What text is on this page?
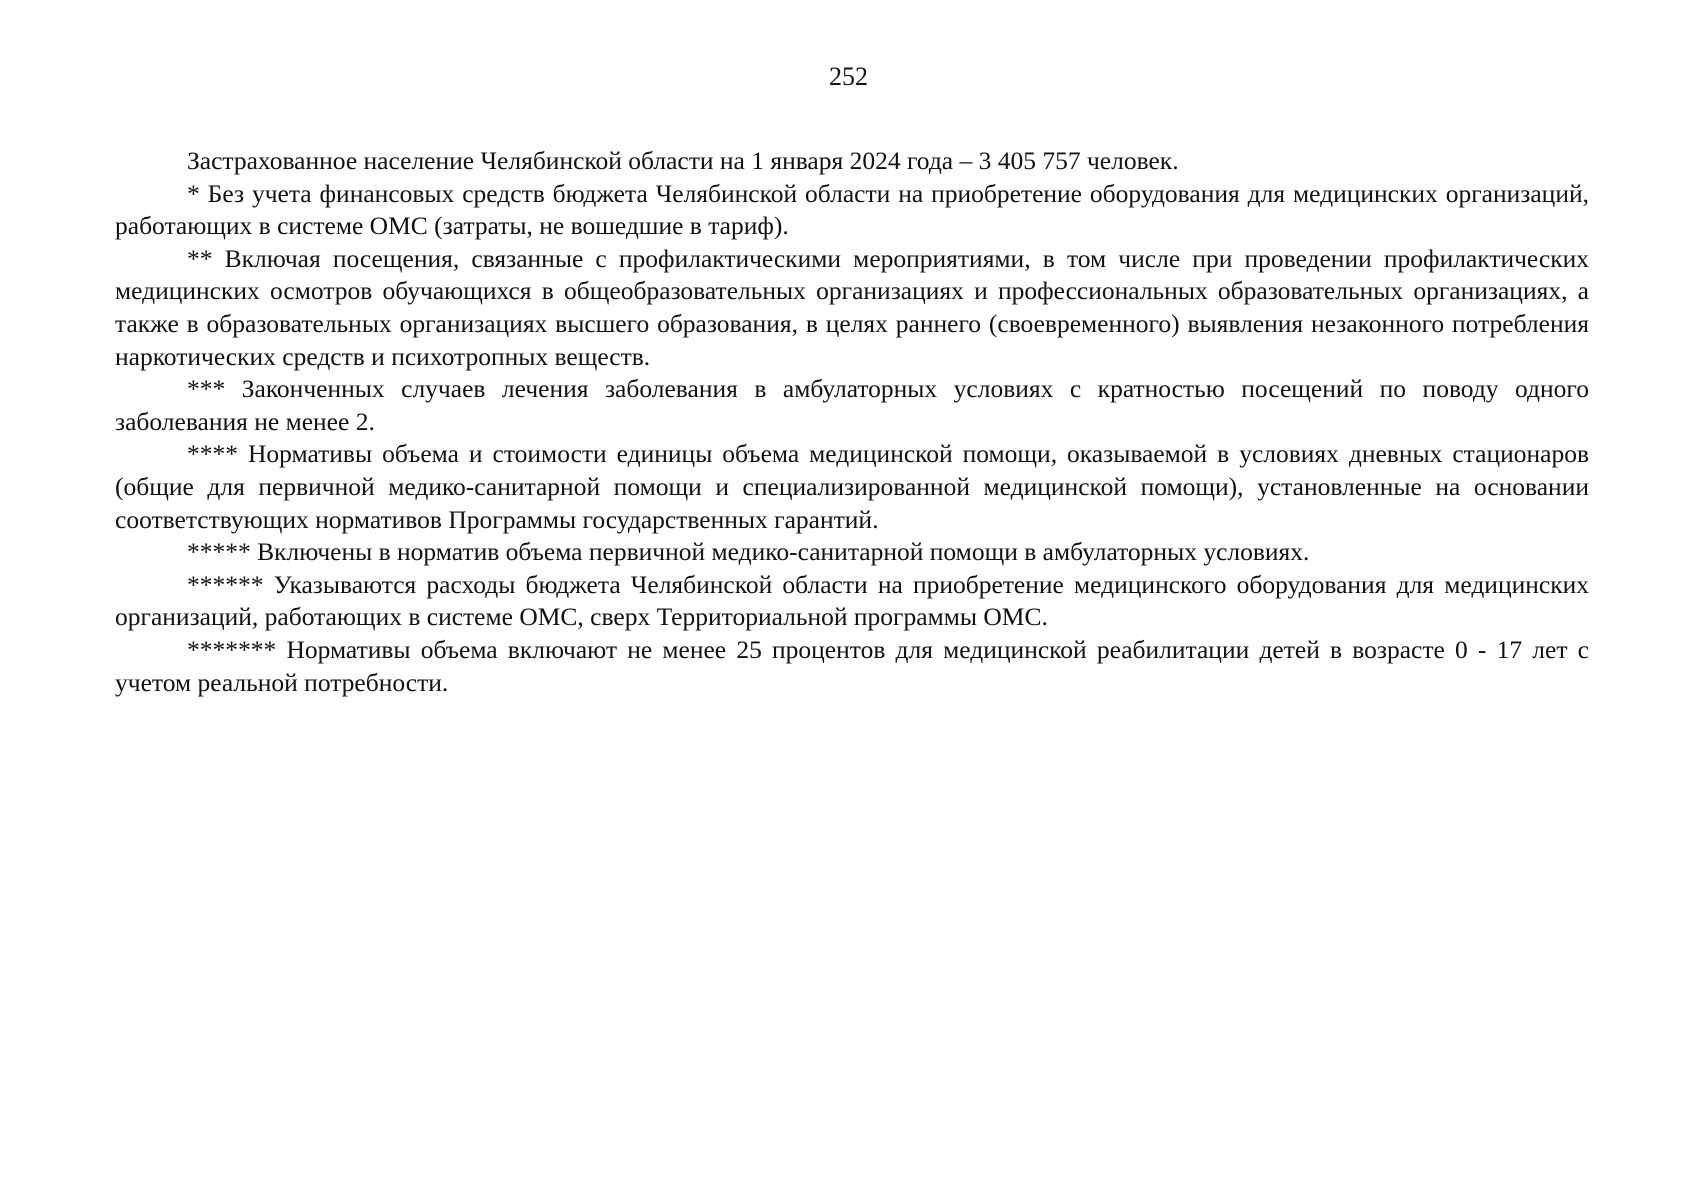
252

Застрахованное население Челябинской области на 1 января 2024 года – 3 405 757 человек.

* Без учета финансовых средств бюджета Челябинской области на приобретение оборудования для медицинских организаций, работающих в системе ОМС (затраты, не вошедшие в тариф).

** Включая посещения, связанные с профилактическими мероприятиями, в том числе при проведении профилактических медицинских осмотров обучающихся в общеобразовательных организациях и профессиональных образовательных организациях, а также в образовательных организациях высшего образования, в целях раннего (своевременного) выявления незаконного потребления наркотических средств и психотропных веществ.

*** Законченных случаев лечения заболевания в амбулаторных условиях с кратностью посещений по поводу одного заболевания не менее 2.

**** Нормативы объема и стоимости единицы объема медицинской помощи, оказываемой в условиях дневных стационаров (общие для первичной медико-санитарной помощи и специализированной медицинской помощи), установленные на основании соответствующих нормативов Программы государственных гарантий.

***** Включены в норматив объема первичной медико-санитарной помощи в амбулаторных условиях.

****** Указываются расходы бюджета Челябинской области на приобретение медицинского оборудования для медицинских организаций, работающих в системе ОМС, сверх Территориальной программы ОМС.

******* Нормативы объема включают не менее 25 процентов для медицинской реабилитации детей в возрасте 0 - 17 лет с учетом реальной потребности.
